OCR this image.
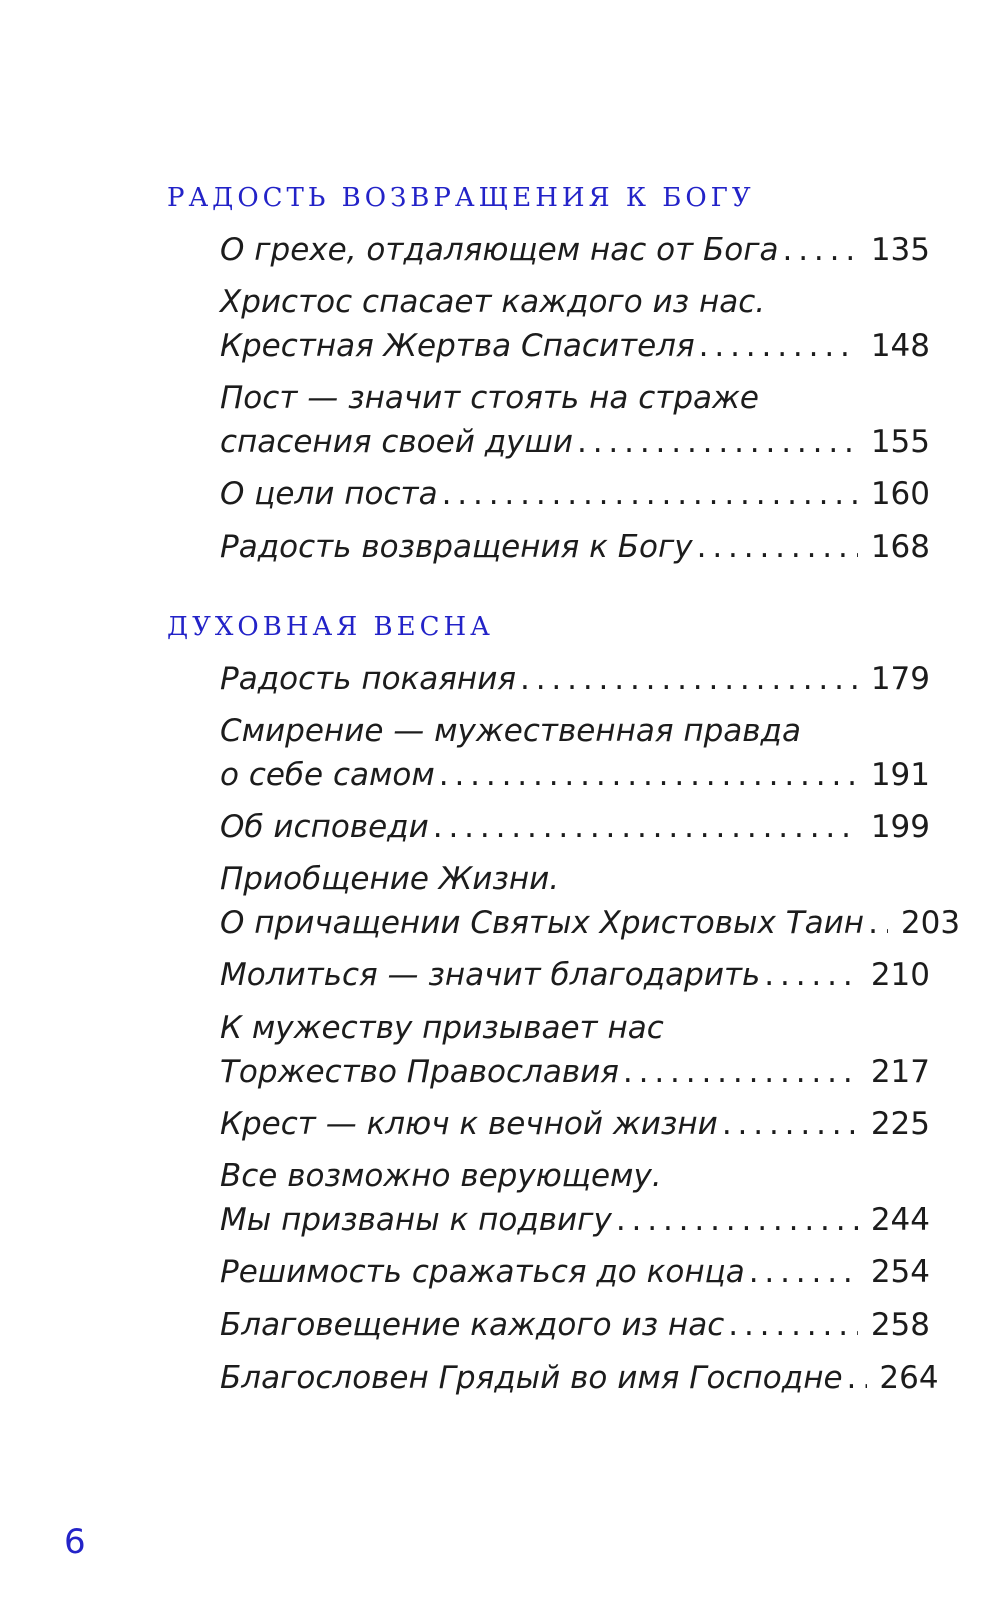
РАДОСТЬ ВОЗВРАЩЕНИЯ К БОГУ
О грехе, отдаляющем нас от Бога . . .	135
Христос спасает каждого из нас.
Крестная Жертва Спасителя . . .	148
Пост — значит стоять на страже
спасения своей души . . .	155
О цели поста . . .	160
Радость возвращения к Богу . . .	168
ДУХОВНАЯ ВЕСНА
Радость покаяния . . .	179
Смирение — мужественная правда
о себе самом . . .	191
Об исповеди . . .	199
Приобщение Жизни.
О причащении Святых Христовых Таин . . . 203
Молиться — значит благодарить . . .	210
К мужеству призывает нас
Торжество Православия . . .	217
Крест — ключ к вечной жизни . . .	225
Все возможно верующему.
Мы призваны к подвигу . . .	244
Решимость сражаться до конца . . .	254
Благовещение каждого из нас . . .	258
Благословен Грядый во имя Господне . . . 264
6
